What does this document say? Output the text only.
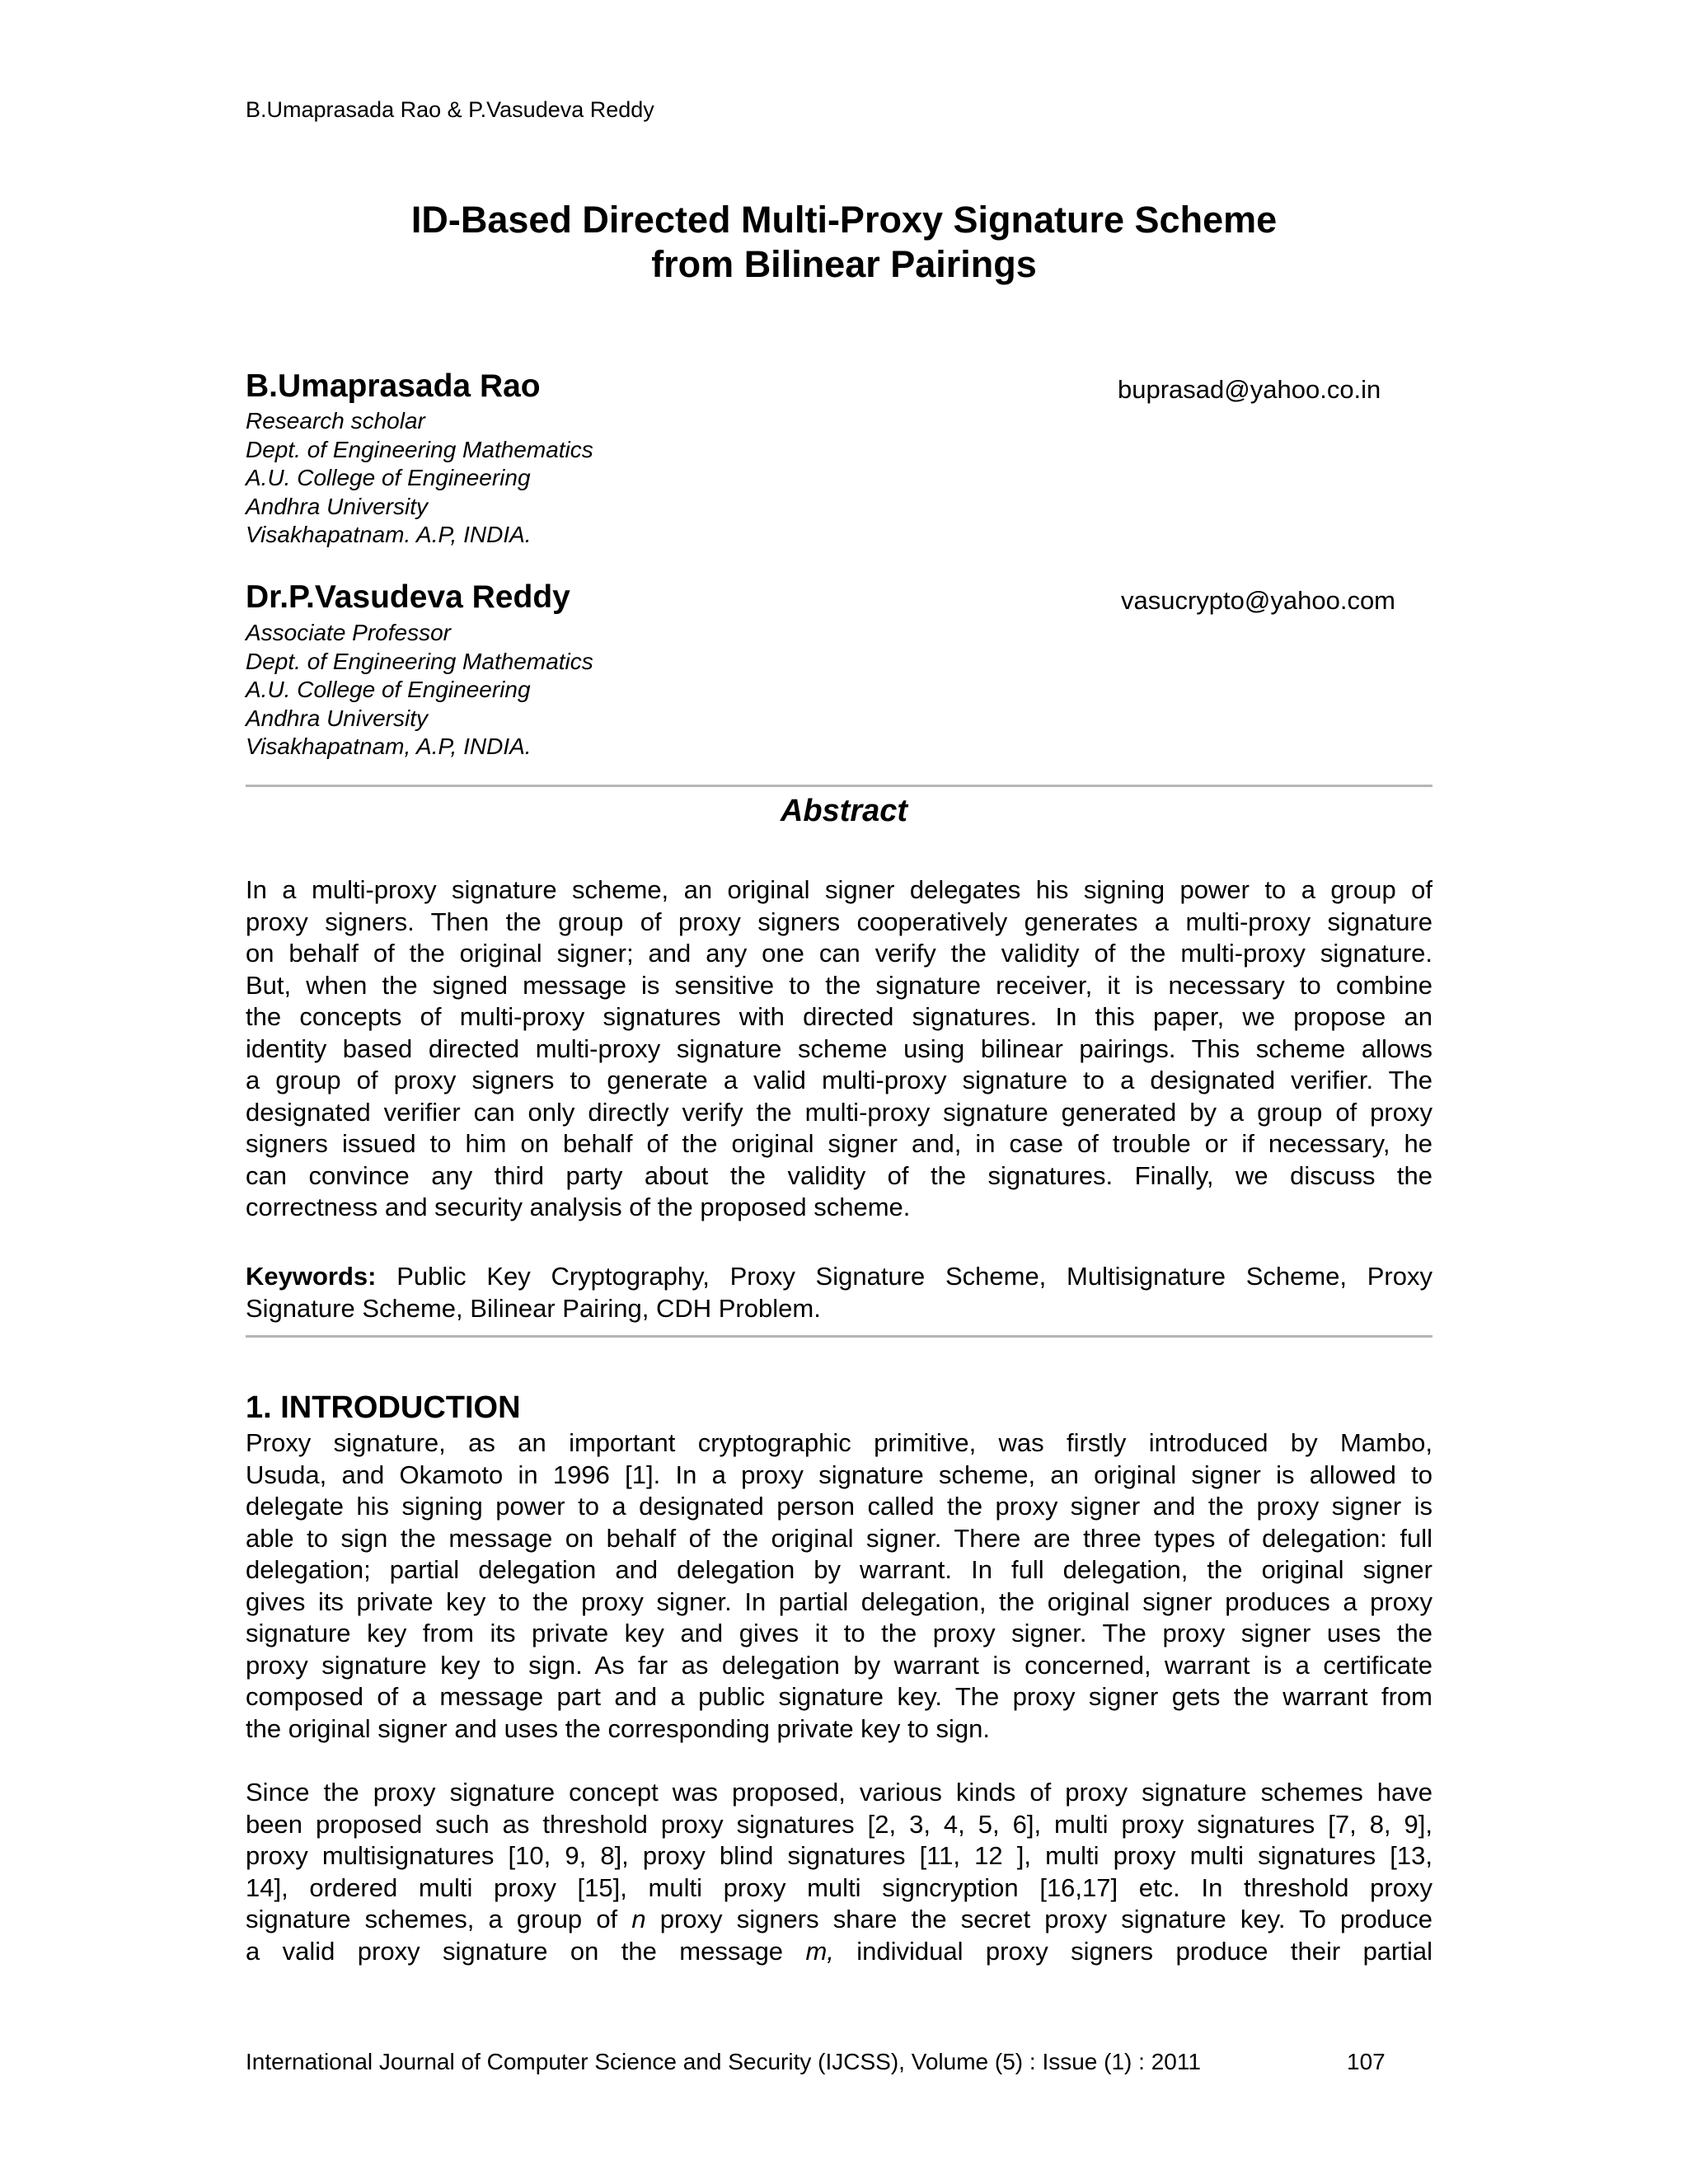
B.Umaprasada Rao & P.Vasudeva Reddy
ID-Based Directed Multi-Proxy Signature Scheme
from Bilinear Pairings
B.Umaprasada Rao	buprasad@yahoo.co.in
Research scholar
Dept. of Engineering Mathematics
A.U. College of Engineering
Andhra University
Visakhapatnam. A.P, INDIA.
Dr.P.Vasudeva Reddy	vasucrypto@yahoo.com
Associate Professor
Dept. of Engineering Mathematics
A.U. College of Engineering
Andhra University
Visakhapatnam, A.P, INDIA.
Abstract
In a multi-proxy signature scheme, an original signer delegates his signing power to a group of
proxy signers. Then the group of proxy signers cooperatively generates a multi-proxy signature
on behalf of the original signer; and any one can verify the validity of the multi-proxy signature.
But, when the signed message is sensitive to the signature receiver, it is necessary to combine
the concepts of multi-proxy signatures with directed signatures. In this paper, we propose an
identity based directed multi-proxy signature scheme using bilinear pairings. This scheme allows
a group of proxy signers to generate a valid multi-proxy signature to a designated verifier. The
designated verifier can only directly verify the multi-proxy signature generated by a group of proxy
signers issued to him on behalf of the original signer and, in case of trouble or if necessary, he
can convince any third party about the validity of the signatures. Finally, we discuss the
correctness and security analysis of the proposed scheme.
Keywords: Public Key Cryptography, Proxy Signature Scheme, Multisignature Scheme, Proxy
Signature Scheme, Bilinear Pairing, CDH Problem.
1. INTRODUCTION
Proxy signature, as an important cryptographic primitive, was firstly introduced by Mambo,
Usuda, and Okamoto in 1996 [1]. In a proxy signature scheme, an original signer is allowed to
delegate his signing power to a designated person called the proxy signer and the proxy signer is
able to sign the message on behalf of the original signer. There are three types of delegation: full
delegation; partial delegation and delegation by warrant. In full delegation, the original signer
gives its private key to the proxy signer. In partial delegation, the original signer produces a proxy
signature key from its private key and gives it to the proxy signer. The proxy signer uses the
proxy signature key to sign. As far as delegation by warrant is concerned, warrant is a certificate
composed of a message part and a public signature key. The proxy signer gets the warrant from
the original signer and uses the corresponding private key to sign.
Since the proxy signature concept was proposed, various kinds of proxy signature schemes have
been proposed such as threshold proxy signatures [2, 3, 4, 5, 6], multi proxy signatures [7, 8, 9],
proxy multisignatures [10, 9, 8], proxy blind signatures [11, 12 ], multi proxy multi signatures [13,
14], ordered multi proxy [15], multi proxy multi signcryption [16,17] etc. In threshold proxy
signature schemes, a group of n proxy signers share the secret proxy signature key. To produce
a valid proxy signature on the message m, individual proxy signers produce their partial
International Journal of Computer Science and Security (IJCSS), Volume (5) : Issue (1) : 2011	107
